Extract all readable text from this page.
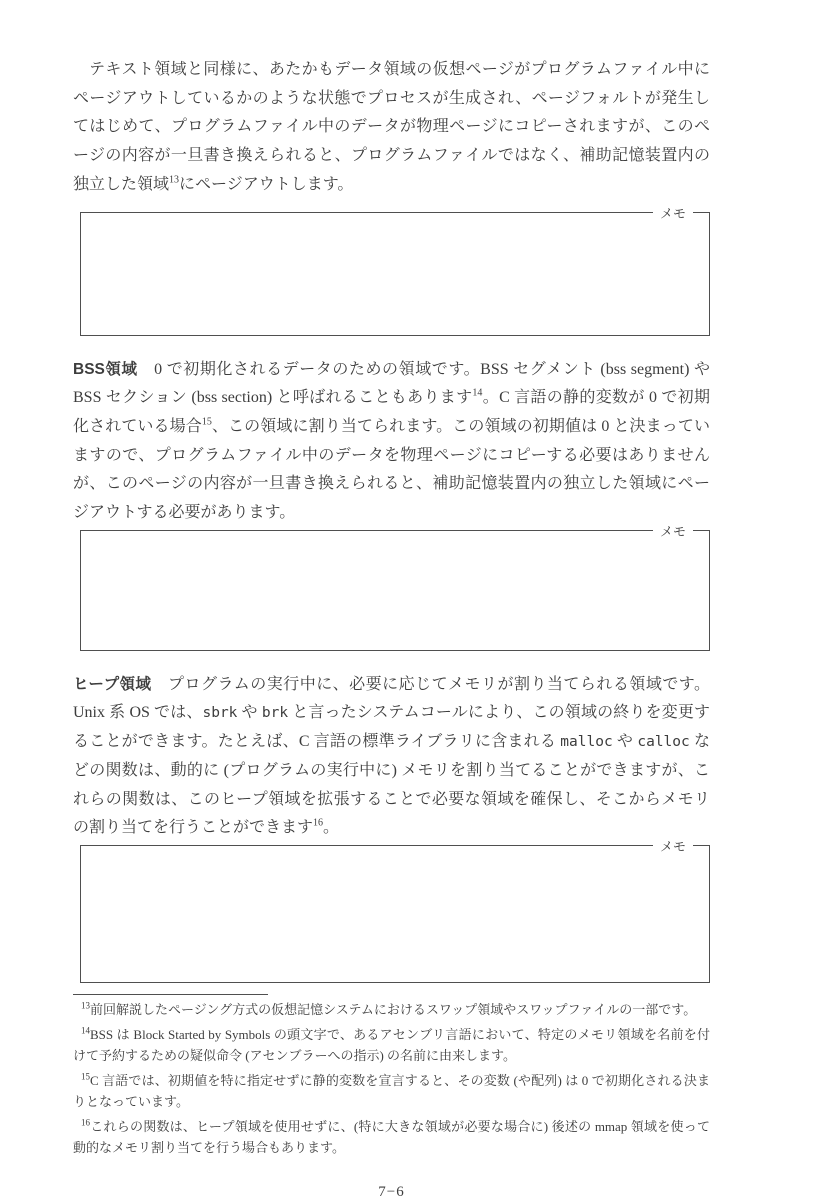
テキスト領域と同様に、あたかもデータ領域の仮想ページがプログラムファイル中にページアウトしているかのような状態でプロセスが生成され、ページフォルトが発生してはじめて、プログラムファイル中のデータが物理ページにコピーされますが、このページの内容が一旦書き換えられると、プログラムファイルではなく、補助記憶装置内の独立した領域$^{13}$にページアウトします。

メモ

BSS領域　0 で初期化されるデータのための領域です。BSS セグメント (bss segment) や BSS セクション (bss section) と呼ばれることもあります$^{14}$。C 言語の静的変数が 0 で初期化されている場合$^{15}$、この領域に割り当てられます。この領域の初期値は 0 と決まっていますので、プログラムファイル中のデータを物理ページにコピーする必要はありませんが、このページの内容が一旦書き換えられると、補助記憶装置内の独立した領域にページアウトする必要があります。

メモ

ヒープ領域　プログラムの実行中に、必要に応じてメモリが割り当てられる領域です。Unix 系 OS では、sbrk や brk と言ったシステムコールにより、この領域の終りを変更することができます。たとえば、C 言語の標準ライブラリに含まれる malloc や calloc などの関数は、動的に (プログラムの実行中に) メモリを割り当てることができますが、これらの関数は、このヒープ領域を拡張することで必要な領域を確保し、そこからメモリの割り当てを行うことができます$^{16}$。

メモ

$^{13}$前回解説したページング方式の仮想記憶システムにおけるスワップ領域やスワップファイルの一部です。

$^{14}$BSS は Block Started by Symbols の頭文字で、あるアセンブリ言語において、特定のメモリ領域を名前を付けて予約するための疑似命令 (アセンブラーへの指示) の名前に由来します。

$^{15}$C 言語では、初期値を特に指定せずに静的変数を宣言すると、その変数 (や配列) は 0 で初期化される決まりとなっています。

$^{16}$これらの関数は、ヒープ領域を使用せずに、(特に大きな領域が必要な場合に) 後述の mmap 領域を使って動的なメモリ割り当てを行う場合もあります。

7−6
